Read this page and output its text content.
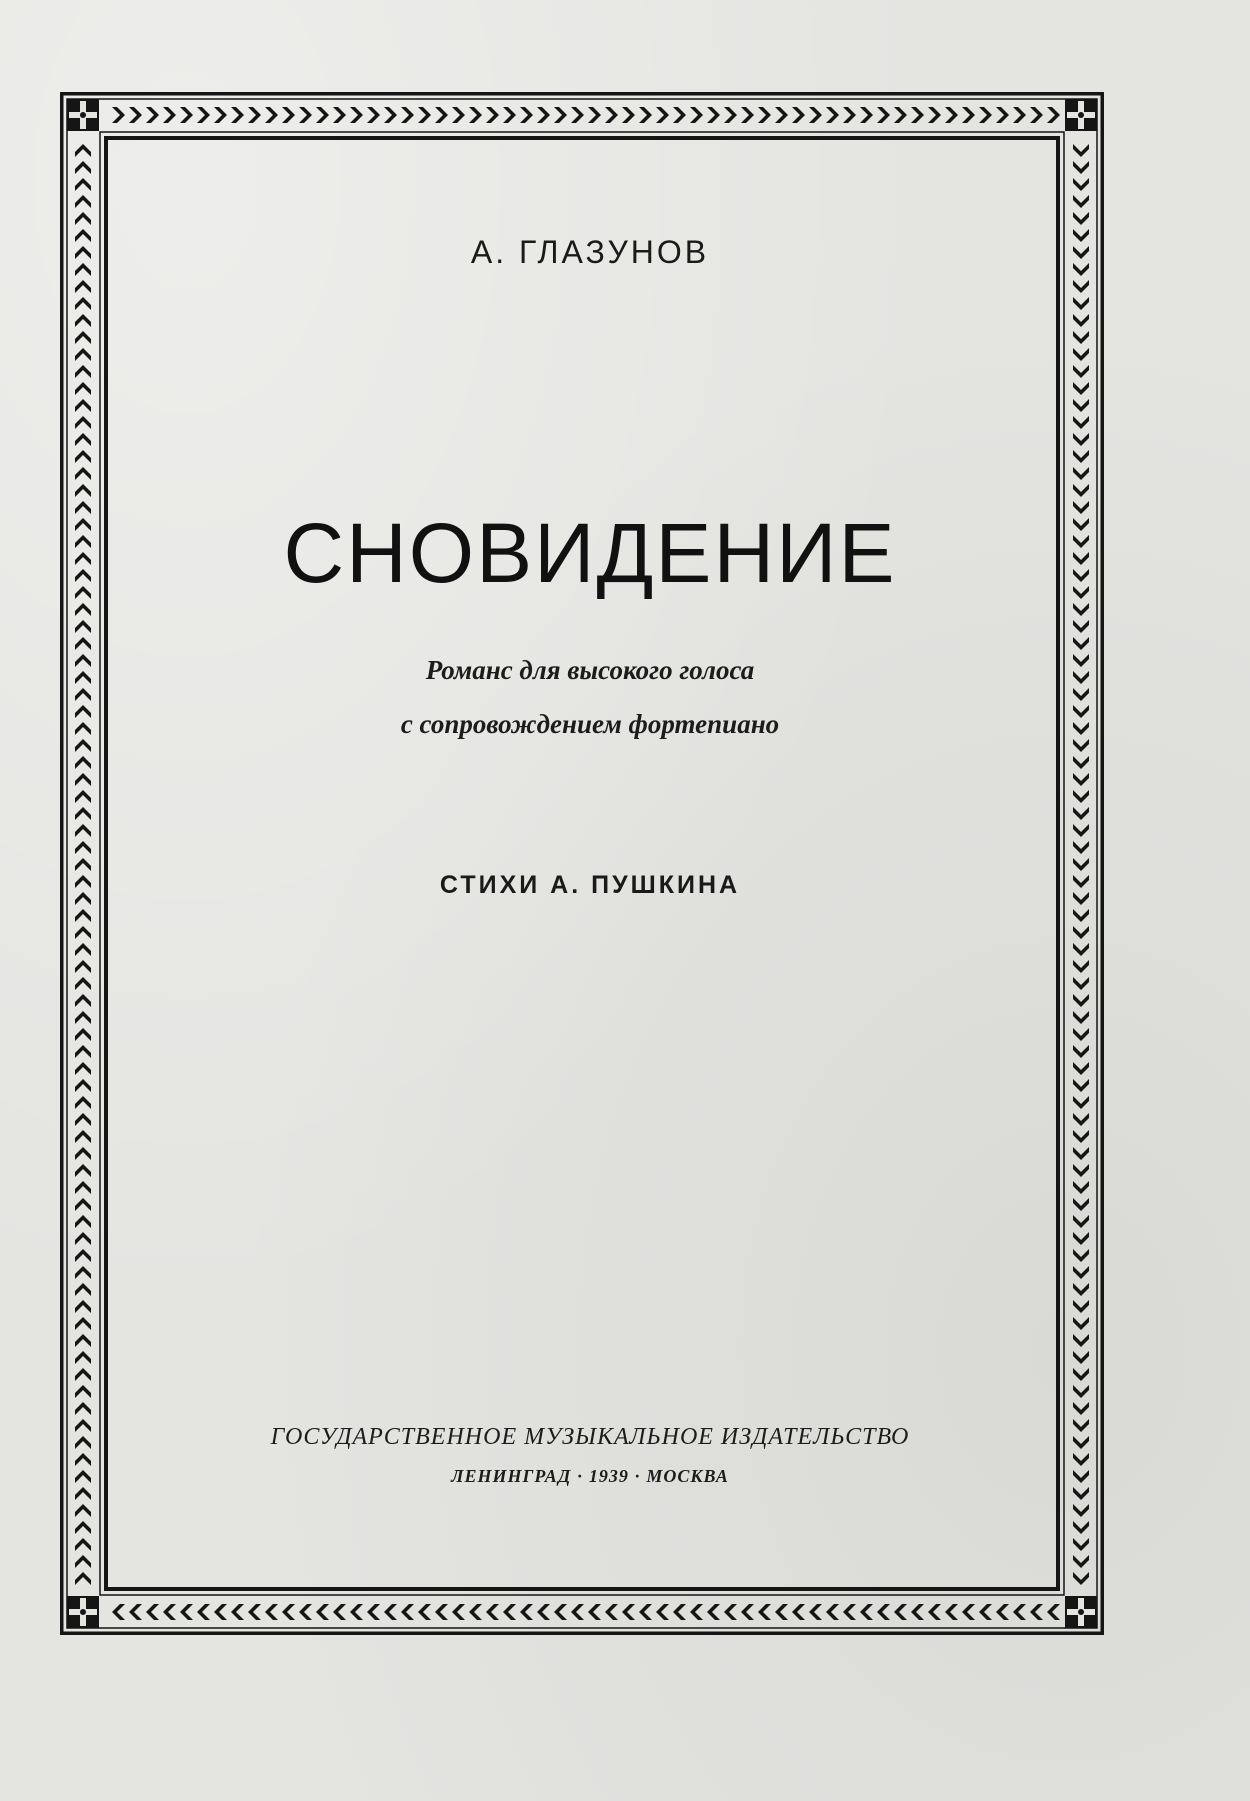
А. ГЛАЗУНОВ
СНОВИДЕНИЕ
Романс для высокого голоса
с сопровождением фортепиано
СТИХИ А. ПУШКИНА
ГОСУДАРСТВЕННОЕ МУЗЫКАЛЬНОЕ ИЗДАТЕЛЬСТВО
ЛЕНИНГРАД · 1939 · МОСКВА
